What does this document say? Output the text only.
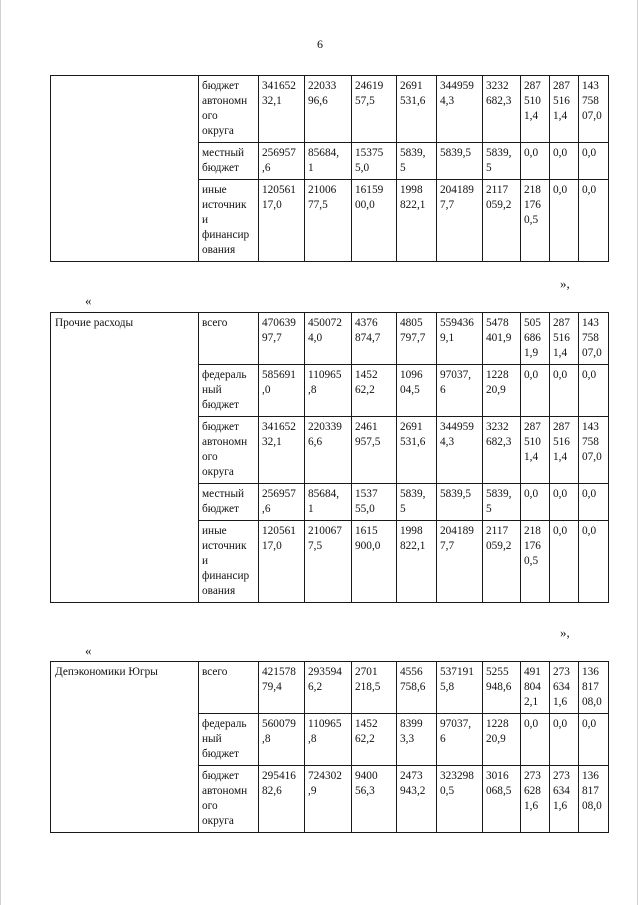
6
	бюджет
автономн
ого
округа	341652
32,1	22033
96,6	24619
57,5	2691
531,6	344959
4,3	3232
682,3	287
510
1,4	287
516
1,4	143
758
07,0
	местный
бюджет	256957
,6	85684,
1	15375
5,0	5839,
5	5839,5	5839,
5	0,0	0,0	0,0
	иные
источник
и
финансир
ования	120561
17,0	21006
77,5	16159
00,0	1998
822,1	204189
7,7	2117
059,2	218
176
0,5	0,0	0,0
»,
«
Прочие расходы	всего	470639
97,7	450072
4,0	4376
874,7	4805
797,7	559436
9,1	5478
401,9	505
686
1,9	287
516
1,4	143
758
07,0
	федераль
ный
бюджет	585691
,0	110965
,8	1452
62,2	1096
04,5	97037,
6	1228
20,9	0,0	0,0	0,0
	бюджет
автономн
ого
округа	341652
32,1	220339
6,6	2461
957,5	2691
531,6	344959
4,3	3232
682,3	287
510
1,4	287
516
1,4	143
758
07,0
	местный
бюджет	256957
,6	85684,
1	1537
55,0	5839,
5	5839,5	5839,
5	0,0	0,0	0,0
	иные
источник
и
финансир
ования	120561
17,0	210067
7,5	1615
900,0	1998
822,1	204189
7,7	2117
059,2	218
176
0,5	0,0	0,0
»,
«
Депэкономики Югры	всего	421578
79,4	293594
6,2	2701
218,5	4556
758,6	537191
5,8	5255
948,6	491
804
2,1	273
634
1,6	136
817
08,0
	федераль
ный
бюджет	560079
,8	110965
,8	1452
62,2	8399
3,3	97037,
6	1228
20,9	0,0	0,0	0,0
	бюджет
автономн
ого
округа	295416
82,6	724302
,9	9400
56,3	2473
943,2	323298
0,5	3016
068,5	273
628
1,6	273
634
1,6	136
817
08,0
